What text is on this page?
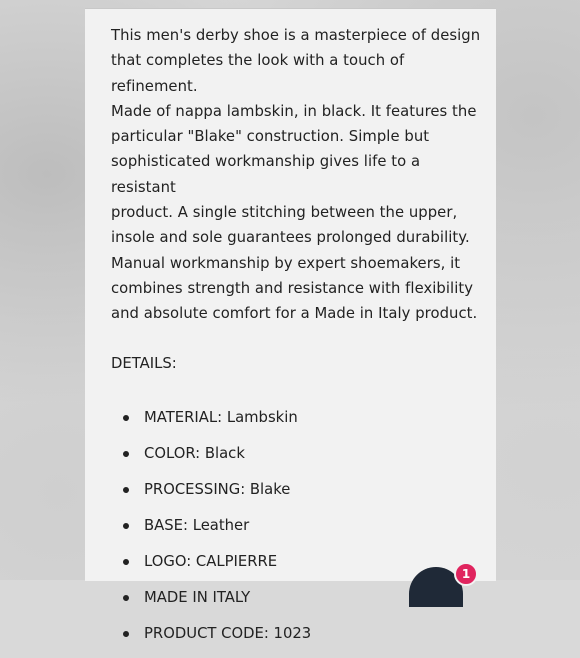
This men's derby shoe is a masterpiece of design
that completes the look with a touch of refinement.
Made of nappa lambskin, in black. It features the
particular "Blake" construction. Simple but
sophisticated workmanship gives life to a resistant
product. A single stitching between the upper,
insole and sole guarantees prolonged durability.
Manual workmanship by expert shoemakers, it
combines strength and resistance with flexibility
and absolute comfort for a Made in Italy product.

DETAILS:

MATERIAL: Lambskin
COLOR: Black
PROCESSING: Blake
BASE: Leather
LOGO: CALPIERRE
MADE IN ITALY
PRODUCT CODE: 1023
1
